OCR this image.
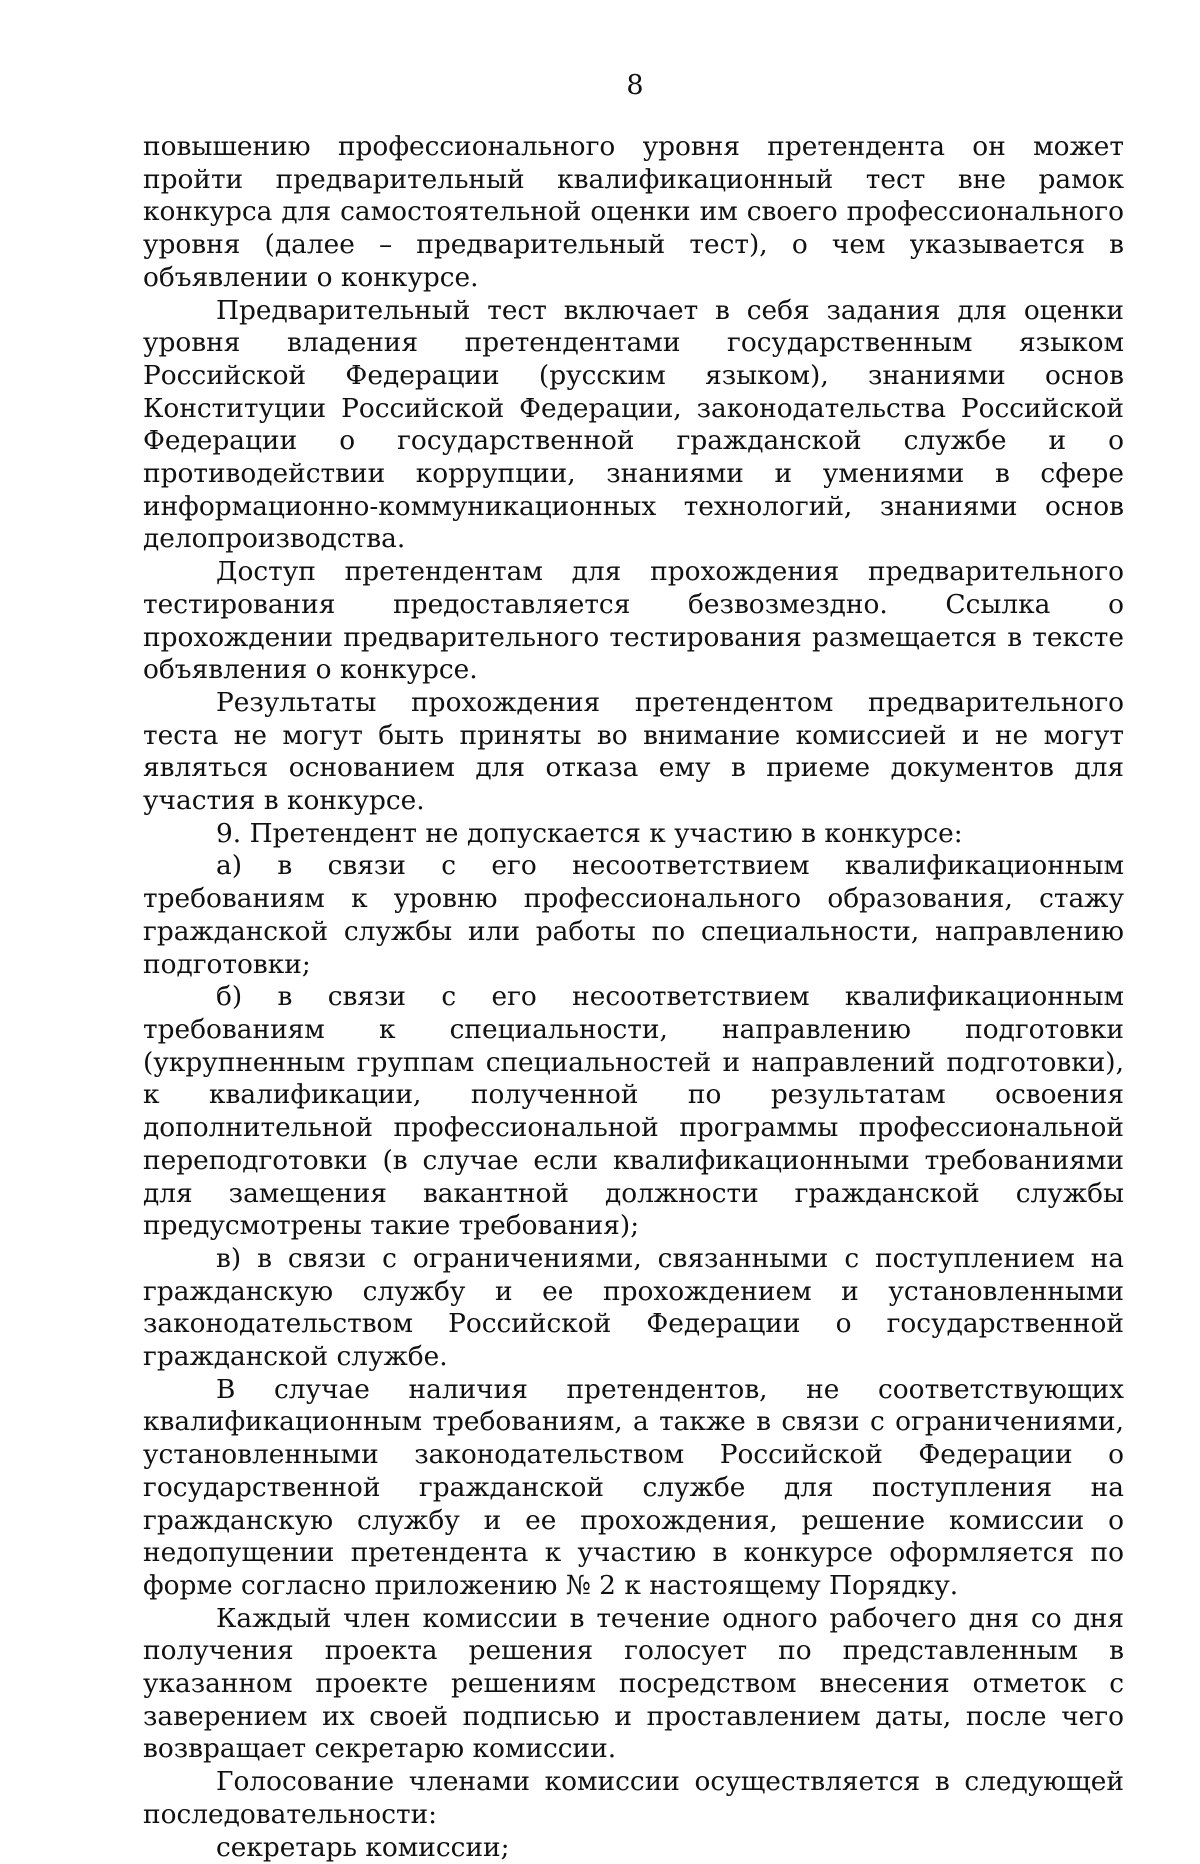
8

повышению профессионального уровня претендента он может пройти предварительный квалификационный тест вне рамок конкурса для самостоятельной оценки им своего профессионального уровня (далее – предварительный тест), о чем указывается в объявлении о конкурсе.

Предварительный тест включает в себя задания для оценки уровня владения претендентами государственным языком Российской Федерации (русским языком), знаниями основ Конституции Российской Федерации, законодательства Российской Федерации о государственной гражданской службе и о противодействии коррупции, знаниями и умениями в сфере информационно-коммуникационных технологий, знаниями основ делопроизводства.

Доступ претендентам для прохождения предварительного тестирования предоставляется безвозмездно. Ссылка о прохождении предварительного тестирования размещается в тексте объявления о конкурсе.

Результаты прохождения претендентом предварительного теста не могут быть приняты во внимание комиссией и не могут являться основанием для отказа ему в приеме документов для участия в конкурсе.

9. Претендент не допускается к участию в конкурсе:

а) в связи с его несоответствием квалификационным требованиям к уровню профессионального образования, стажу гражданской службы или работы по специальности, направлению подготовки;

б) в связи с его несоответствием квалификационным требованиям к специальности, направлению подготовки (укрупненным группам специальностей и направлений подготовки), к квалификации, полученной по результатам освоения дополнительной профессиональной программы профессиональной переподготовки (в случае если квалификационными требованиями для замещения вакантной должности гражданской службы предусмотрены такие требования);

в) в связи с ограничениями, связанными с поступлением на гражданскую службу и ее прохождением и установленными законодательством Российской Федерации о государственной гражданской службе.

В случае наличия претендентов, не соответствующих квалификационным требованиям, а также в связи с ограничениями, установленными законодательством Российской Федерации о государственной гражданской службе для поступления на гражданскую службу и ее прохождения, решение комиссии о недопущении претендента к участию в конкурсе оформляется по форме согласно приложению № 2 к настоящему Порядку.

Каждый член комиссии в течение одного рабочего дня со дня получения проекта решения голосует по представленным в указанном проекте решениям посредством внесения отметок с заверением их своей подписью и проставлением даты, после чего возвращает секретарю комиссии.

Голосование членами комиссии осуществляется в следующей последовательности:

секретарь комиссии;
